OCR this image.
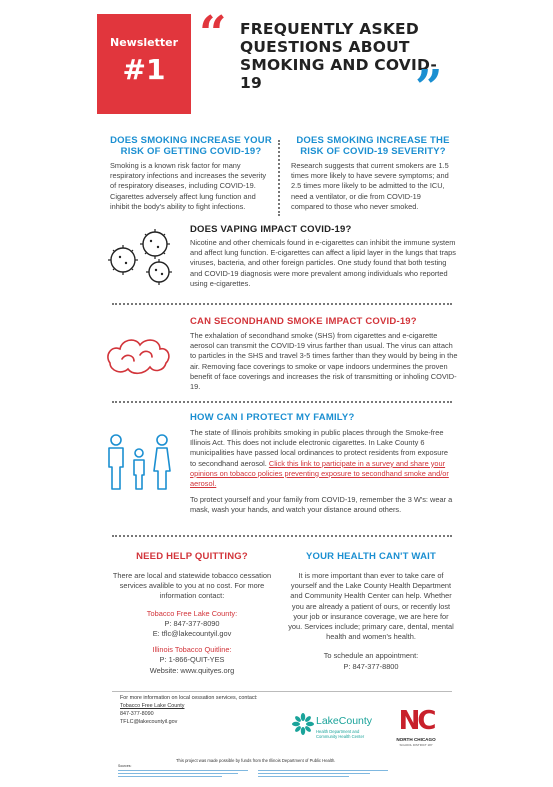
Newsletter
#1
“ FREQUENTLY ASKED QUESTIONS ABOUT SMOKING AND COVID-19	”
DOES SMOKING INCREASE YOUR RISK OF GETTING COVID-19?
Smoking is a known risk factor for many respiratory infections and increases the severity of respiratory diseases, including COVID-19. Cigarettes adversely affect lung function and inhibit the body's ability to fight infections.
DOES SMOKING INCREASE THE RISK OF COVID-19 SEVERITY?
Research suggests that current smokers are 1.5 times more likely to have severe symptoms; and 2.5 times more likely to be admitted to the ICU, need a ventilator, or die from COVID-19 compared to those who never smoked.
DOES VAPING IMPACT COVID-19?
Nicotine and other chemicals found in e-cigarettes can inhibit the immune system and affect lung function. E-cigarettes can affect a lipid layer in the lungs that traps viruses, bacteria, and other foreign particles. One study found that both testing and COVID-19 diagnosis were more prevalent among individuals who reported using e-cigarettes.
CAN SECONDHAND SMOKE IMPACT COVID-19?
The exhalation of secondhand smoke (SHS) from cigarettes and e-cigarette aerosol can transmit the COVID-19 virus farther than usual. The virus can attach to particles in the SHS and travel 3-5 times farther than they would by being in the air. Removing face coverings to smoke or vape indoors undermines the proven benefit of face coverings and increases the risk of transmitting or inholing COVID-19.
HOW CAN I PROTECT MY FAMILY?
The state of Illinois prohibits smoking in public places through the Smoke-free Illinois Act. This does not include electronic cigarettes. In Lake County 6 municipalities have passed local ordinances to protect residents from exposure to secondhand aerosol. Click this link to participate in a survey and share your opinions on tobacco policies preventing exposure to secondhand smoke and/or aerosol.
To protect yourself and your family from COVID-19, remember the 3 W's: wear a mask, wash your hands, and watch your distance around others.
NEED HELP QUITTING?
There are local and statewide tobacco cessation services avalible to you at no cost. For more information contact:
Tobacco Free Lake County:
P: 847-377-8090
E: tflc@lakecountyil.gov
Illinois Tobacco Quitline:
P: 1-866-QUIT-YES
Website: www.quityes.org
YOUR HEALTH CAN'T WAIT
It is more important than ever to take care of yourself and the Lake County Health Department and Community Health Center can help. Whether you are already a patient of ours, or recently lost your job or insurance coverage, we are here for you. Services include; primary care, dental, mental health and women's health.
To schedule an appointment:
P: 847-377-8800
For more information on local cessation services, contact:
Tobacco Free Lake County
847-377-8090
TFLC@lakecountyil.gov	LakeCounty
Health Department and
Community Health Center
NC
NORTH CHICAGO
SCHOOL DISTRICT 187
This project was made possible by funds from the Illinois Department of Public Health.
Sources:
